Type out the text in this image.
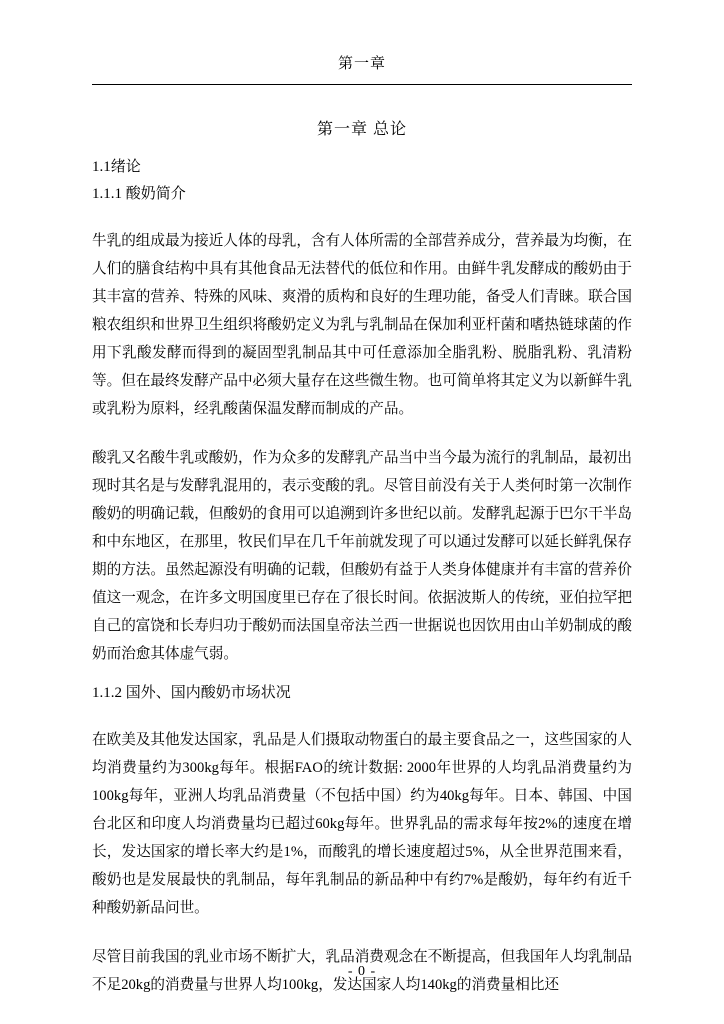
第一章
第一章 总论
1.1绪论
1.1.1 酸奶简介

牛乳的组成最为接近人体的母乳，含有人体所需的全部营养成分，营养最为均衡，在人们的膳食结构中具有其他食品无法替代的低位和作用。由鲜牛乳发酵成的酸奶由于其丰富的营养、特殊的风味、爽滑的质构和良好的生理功能，备受人们青睐。联合国粮农组织和世界卫生组织将酸奶定义为乳与乳制品在保加利亚杆菌和嗜热链球菌的作用下乳酸发酵而得到的凝固型乳制品其中可任意添加全脂乳粉、脱脂乳粉、乳清粉等。但在最终发酵产品中必须大量存在这些微生物。也可简单将其定义为以新鲜牛乳或乳粉为原料，经乳酸菌保温发酵而制成的产品。

酸乳又名酸牛乳或酸奶，作为众多的发酵乳产品当中当今最为流行的乳制品，最初出现时其名是与发酵乳混用的，表示变酸的乳。尽管目前没有关于人类何时第一次制作酸奶的明确记载，但酸奶的食用可以追溯到许多世纪以前。发酵乳起源于巴尔干半岛和中东地区，在那里，牧民们早在几千年前就发现了可以通过发酵可以延长鲜乳保存期的方法。虽然起源没有明确的记载，但酸奶有益于人类身体健康并有丰富的营养价值这一观念，在许多文明国度里已存在了很长时间。依据波斯人的传统，亚伯拉罕把自己的富饶和长寿归功于酸奶而法国皇帝法兰西一世据说也因饮用由山羊奶制成的酸奶而治愈其体虚气弱。

1.1.2 国外、国内酸奶市场状况

在欧美及其他发达国家，乳品是人们摄取动物蛋白的最主要食品之一，这些国家的人均消费量约为300kg每年。根据FAO的统计数据: 2000年世界的人均乳品消费量约为100kg每年，亚洲人均乳品消费量（不包括中国）约为40kg每年。日本、韩国、中国台北区和印度人均消费量均已超过60kg每年。世界乳品的需求每年按2%的速度在增长，发达国家的增长率大约是1%，而酸乳的增长速度超过5%，从全世界范围来看，酸奶也是发展最快的乳制品，每年乳制品的新品种中有约7%是酸奶，每年约有近千种酸奶新品问世。

尽管目前我国的乳业市场不断扩大，乳品消费观念在不断提高，但我国年人均乳制品不足20kg的消费量与世界人均100kg，发达国家人均140kg的消费量相比还

- 0 -
